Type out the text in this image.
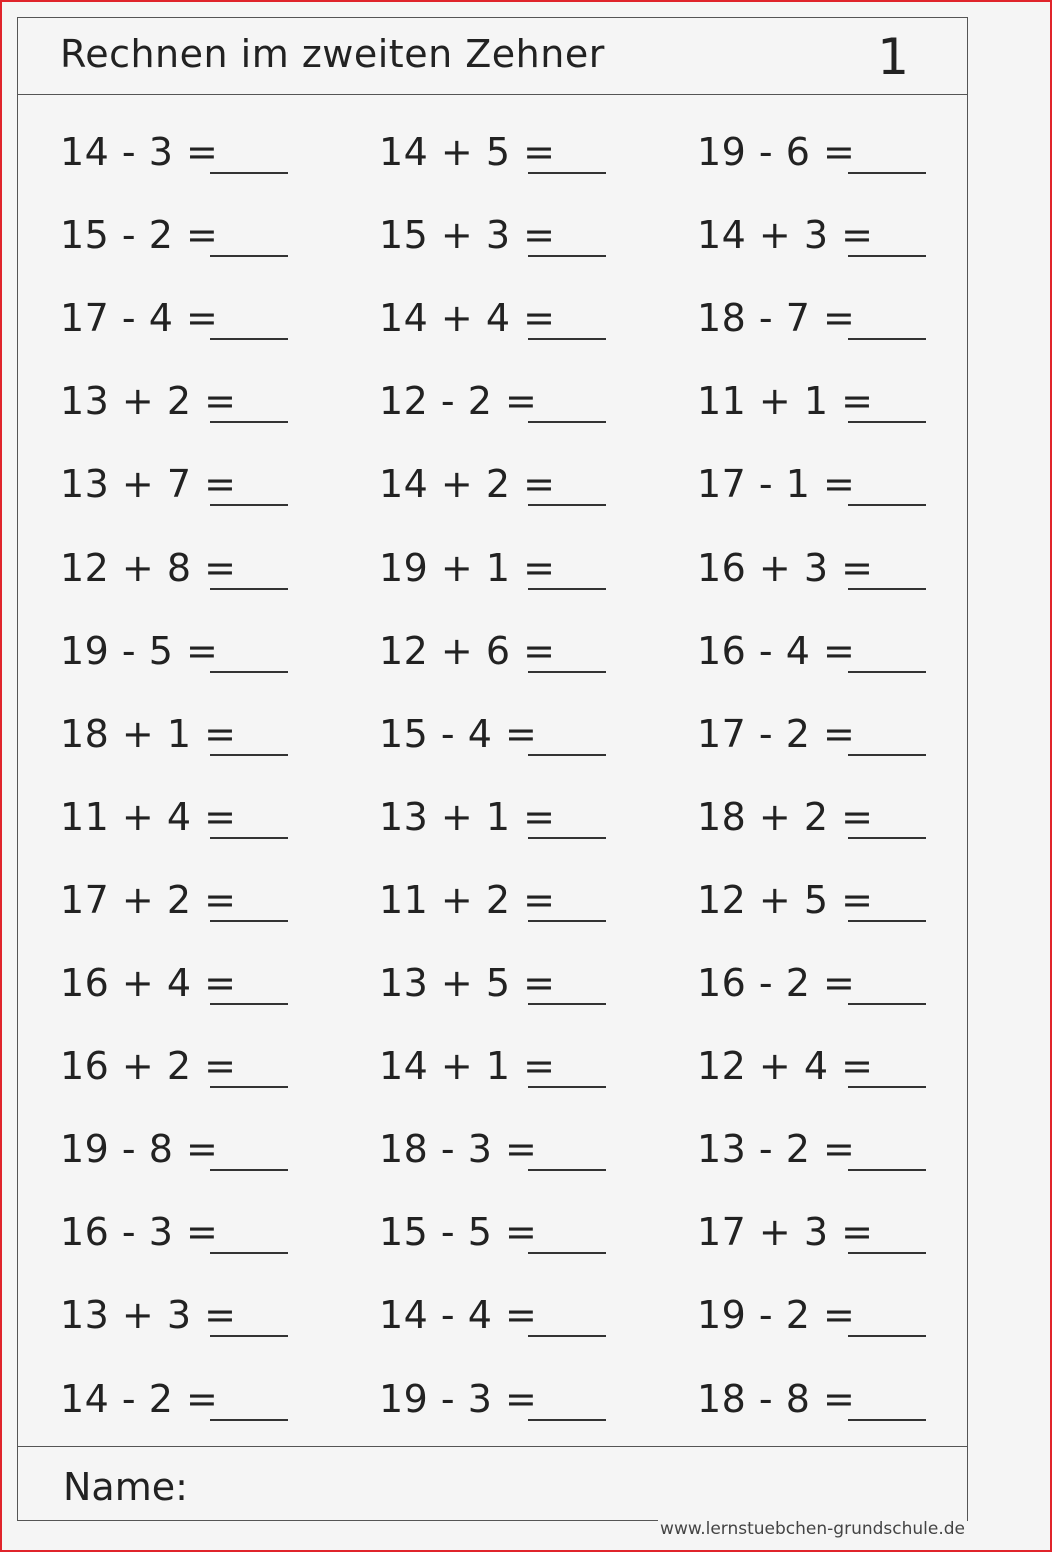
Rechnen im zweiten Zehner	1
14 - 3 =	14 + 5 =	19 - 6 =
15 - 2 =	15 + 3 =	14 + 3 =
17 - 4 =	14 + 4 =	18 - 7 =
13 + 2 =	12 - 2 =	11 + 1 =
13 + 7 =	14 + 2 =	17 - 1 =
12 + 8 =	19 + 1 =	16 + 3 =
19 - 5 =	12 + 6 =	16 - 4 =
18 + 1 =	15 - 4 =	17 - 2 =
11 + 4 =	13 + 1 =	18 + 2 =
17 + 2 =	11 + 2 =	12 + 5 =
16 + 4 =	13 + 5 =	16 - 2 =
16 + 2 =	14 + 1 =	12 + 4 =
19 - 8 =	18 - 3 =	13 - 2 =
16 - 3 =	15 - 5 =	17 + 3 =
13 + 3 =	14 - 4 =	19 - 2 =
14 - 2 =	19 - 3 =	18 - 8 =
Name:
www.lernstuebchen-grundschule.de
